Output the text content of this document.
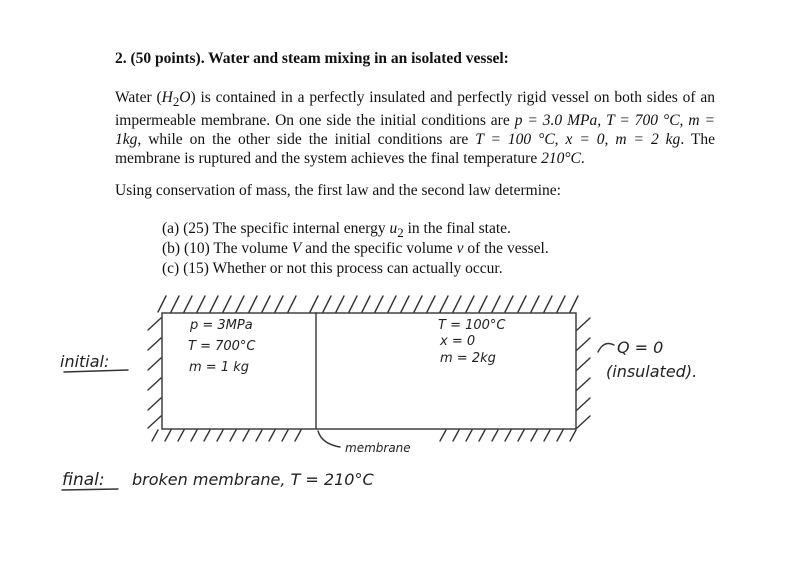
2. (50 points). Water and steam mixing in an isolated vessel:
Water $(H_2O)$ is contained in a perfectly insulated and perfectly rigid vessel on both sides of an impermeable membrane. On one side the initial conditions are p = 3.0 MPa, T = 700 °C, m = 1kg, while on the other side the initial conditions are T = 100 °C, x = 0, m = 2 kg. The membrane is ruptured and the system achieves the final temperature 210°C.
Using conservation of mass, the first law and the second law determine:
(a) (25) The specific internal energy $u_2$ in the final state.
(b) (10) The volume V and the specific volume v of the vessel.
(c) (15) Whether or not this process can actually occur.
initial:
p = 3MPa
T = 700°C
m = 1 kg
T = 100°C
x = 0
m = 2kg
membrane
Q = 0
(insulated).
final: broken membrane, T = 210°C
